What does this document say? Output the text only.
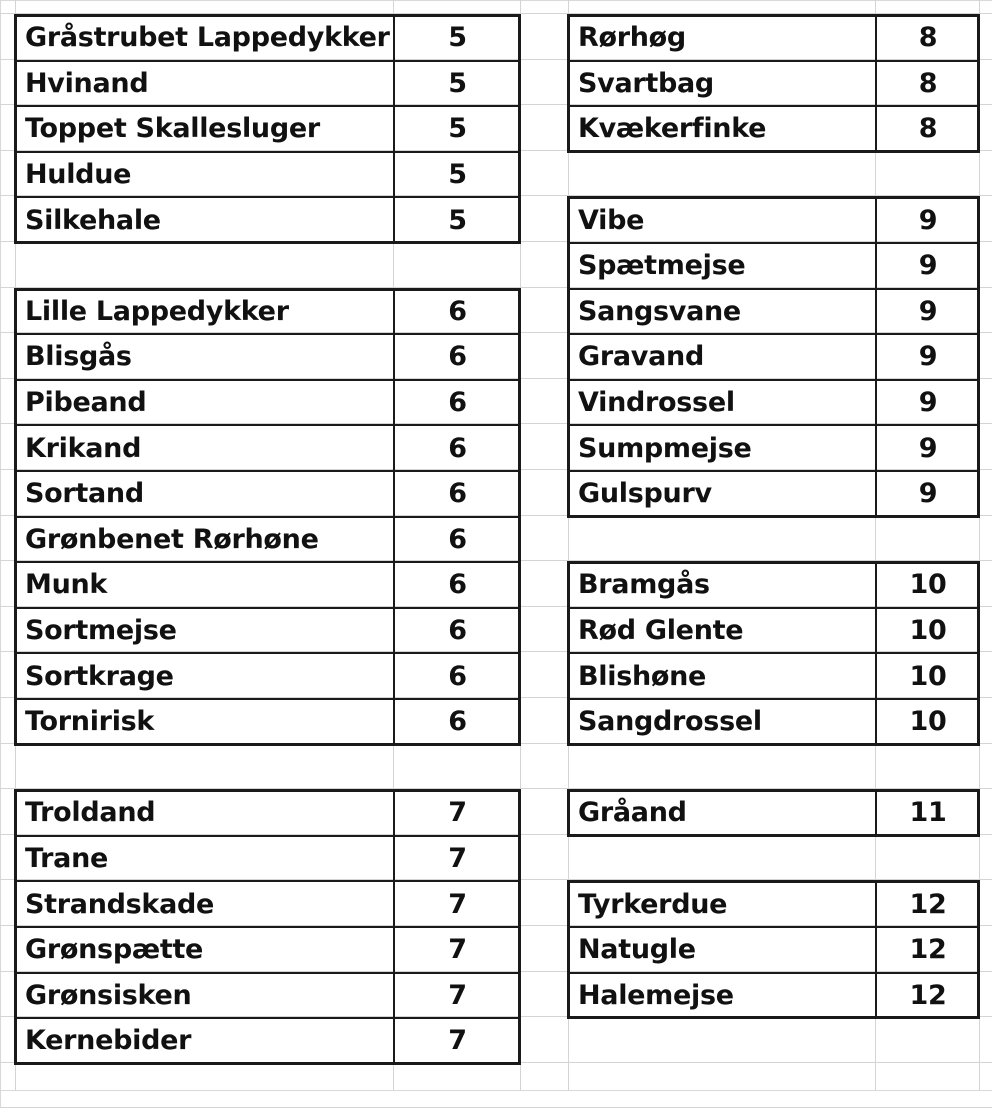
Gråstrubet Lappedykker	5
Hvinand	5
Toppet Skallesluger	5
Huldue	5
Silkehale	5
Lille Lappedykker	6
Blisgås	6
Pibeand	6
Krikand	6
Sortand	6
Grønbenet Rørhøne	6
Munk	6
Sortmejse	6
Sortkrage	6
Tornirisk	6
Troldand	7
Trane	7
Strandskade	7
Grønspætte	7
Grønsisken	7
Kernebider	7
Rørhøg	8
Svartbag	8
Kvækerfinke	8
Vibe	9
Spætmejse	9
Sangsvane	9
Gravand	9
Vindrossel	9
Sumpmejse	9
Gulspurv	9
Bramgås	10
Rød Glente	10
Blishøne	10
Sangdrossel	10
Gråand	11
Tyrkerdue	12
Natugle	12
Halemejse	12
